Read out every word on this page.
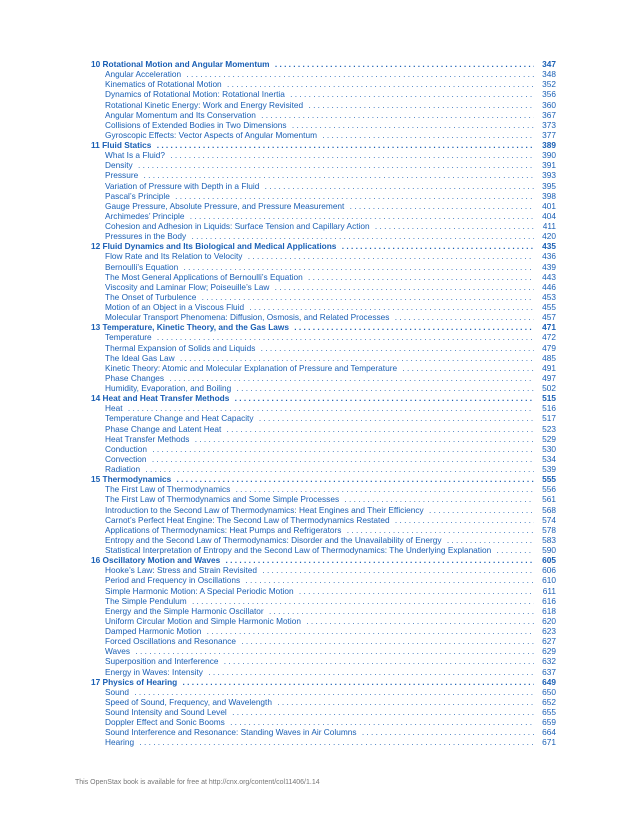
10 Rotational Motion and Angular Momentum . . .	347
Angular Acceleration . . .	348
Kinematics of Rotational Motion . . .	352
Dynamics of Rotational Motion: Rotational Inertia . . .	356
Rotational Kinetic Energy: Work and Energy Revisited . . .	360
Angular Momentum and Its Conservation . . .	367
Collisions of Extended Bodies in Two Dimensions . . .	373
Gyroscopic Effects: Vector Aspects of Angular Momentum . . .	377
11 Fluid Statics . . .	389
What Is a Fluid? . . .	390
Density . . .	391
Pressure . . .	393
Variation of Pressure with Depth in a Fluid . . .	395
Pascal’s Principle . . .	398
Gauge Pressure, Absolute Pressure, and Pressure Measurement . . .	401
Archimedes’ Principle . . .	404
Cohesion and Adhesion in Liquids: Surface Tension and Capillary Action . . .	411
Pressures in the Body . . .	420
12 Fluid Dynamics and Its Biological and Medical Applications . . .	435
Flow Rate and Its Relation to Velocity . . .	436
Bernoulli’s Equation . . .	439
The Most General Applications of Bernoulli’s Equation . . .	443
Viscosity and Laminar Flow; Poiseuille’s Law . . .	446
The Onset of Turbulence . . .	453
Motion of an Object in a Viscous Fluid . . .	455
Molecular Transport Phenomena: Diffusion, Osmosis, and Related Processes . . .	457
13 Temperature, Kinetic Theory, and the Gas Laws . . .	471
Temperature . . .	472
Thermal Expansion of Solids and Liquids . . .	479
The Ideal Gas Law . . .	485
Kinetic Theory: Atomic and Molecular Explanation of Pressure and Temperature . . .	491
Phase Changes . . .	497
Humidity, Evaporation, and Boiling . . .	502
14 Heat and Heat Transfer Methods . . .	515
Heat . . .	516
Temperature Change and Heat Capacity . . .	517
Phase Change and Latent Heat . . .	523
Heat Transfer Methods . . .	529
Conduction . . .	530
Convection . . .	534
Radiation . . .	539
15 Thermodynamics . . .	555
The First Law of Thermodynamics . . .	556
The First Law of Thermodynamics and Some Simple Processes . . .	561
Introduction to the Second Law of Thermodynamics: Heat Engines and Their Efficiency . . .	568
Carnot’s Perfect Heat Engine: The Second Law of Thermodynamics Restated . . .	574
Applications of Thermodynamics: Heat Pumps and Refrigerators . . .	578
Entropy and the Second Law of Thermodynamics: Disorder and the Unavailability of Energy . . .	583
Statistical Interpretation of Entropy and the Second Law of Thermodynamics: The Underlying Explanation . . .	590
16 Oscillatory Motion and Waves . . .	605
Hooke’s Law: Stress and Strain Revisited . . .	606
Period and Frequency in Oscillations . . .	610
Simple Harmonic Motion: A Special Periodic Motion . . .	611
The Simple Pendulum . . .	616
Energy and the Simple Harmonic Oscillator . . .	618
Uniform Circular Motion and Simple Harmonic Motion . . .	620
Damped Harmonic Motion . . .	623
Forced Oscillations and Resonance . . .	627
Waves . . .	629
Superposition and Interference . . .	632
Energy in Waves: Intensity . . .	637
17 Physics of Hearing . . .	649
Sound . . .	650
Speed of Sound, Frequency, and Wavelength . . .	652
Sound Intensity and Sound Level . . .	655
Doppler Effect and Sonic Booms . . .	659
Sound Interference and Resonance: Standing Waves in Air Columns . . .	664
Hearing . . .	671
This OpenStax book is available for free at http://cnx.org/content/col11406/1.14
